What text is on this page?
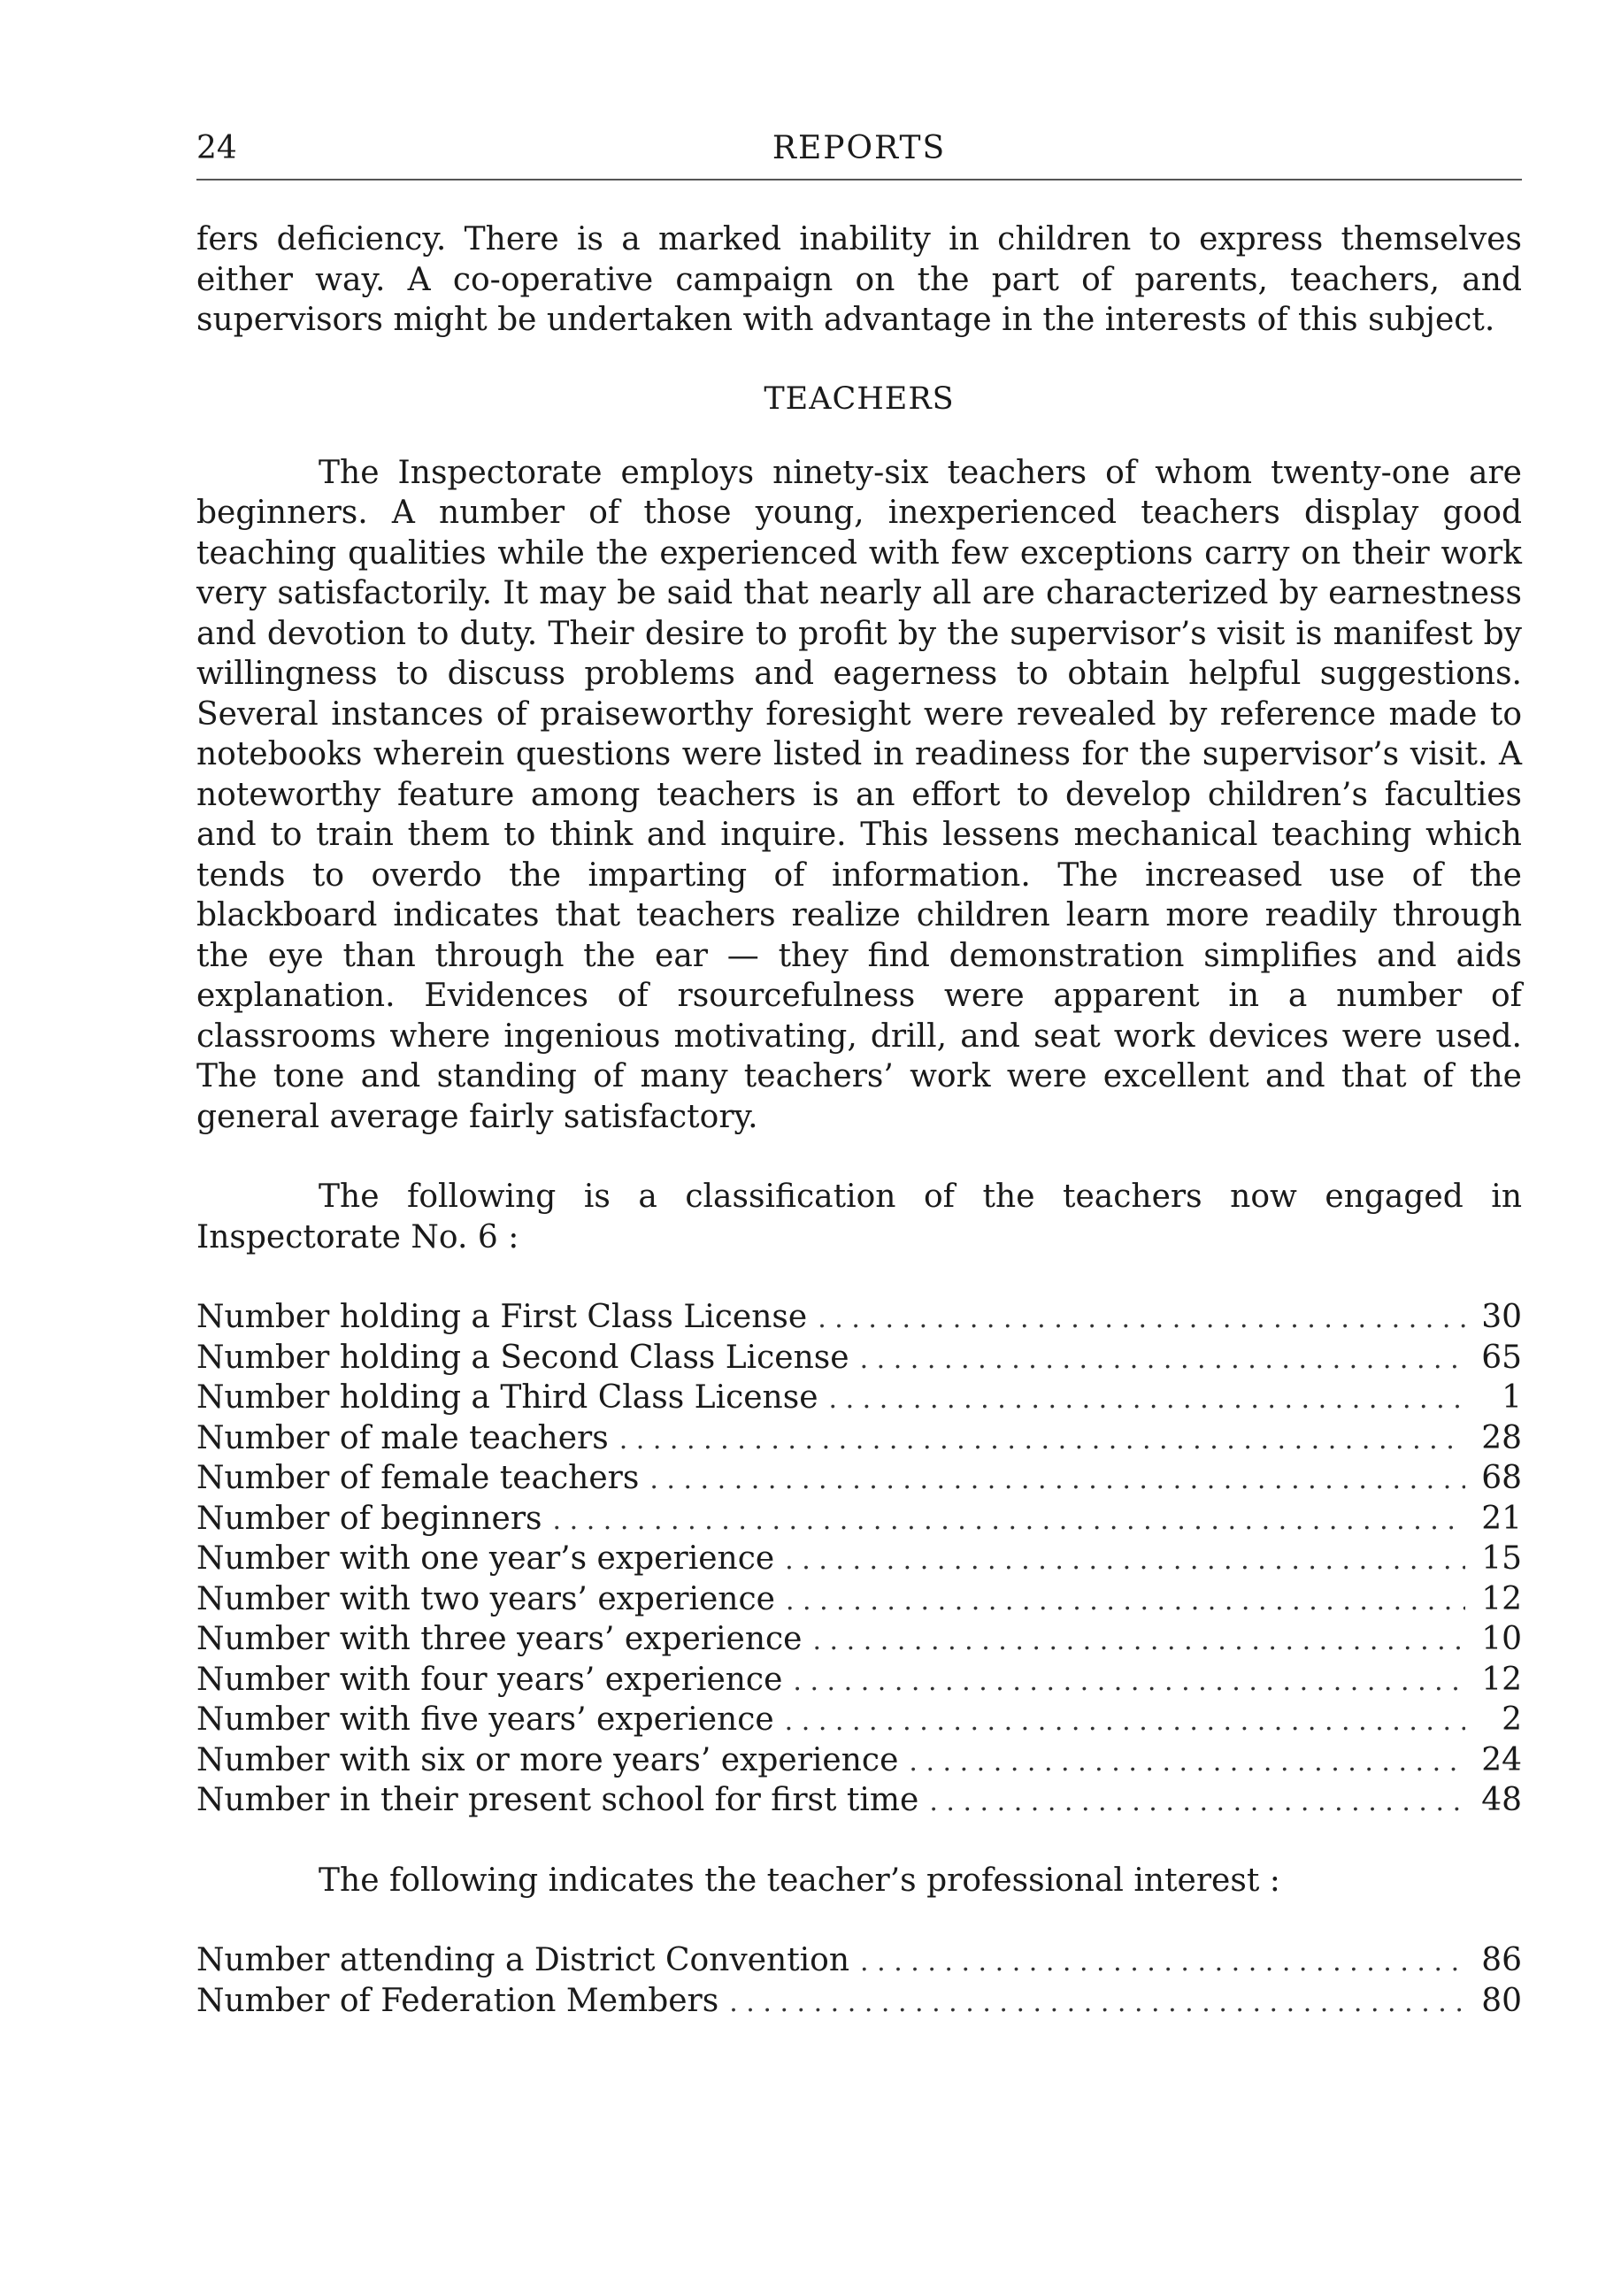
24	REPORTS

fers deficiency. There is a marked inability in children to express themselves either way. A co-operative campaign on the part of parents, teachers, and supervisors might be undertaken with advantage in the interests of this subject.

TEACHERS

The Inspectorate employs ninety-six teachers of whom twenty-one are beginners. A number of those young, inexperienced teachers display good teaching qualities while the experienced with few exceptions carry on their work very satisfactorily. It may be said that nearly all are characterized by earnestness and devotion to duty. Their desire to profit by the supervisor’s visit is manifest by willingness to discuss problems and eagerness to obtain helpful suggestions. Several instances of praiseworthy foresight were revealed by reference made to notebooks wherein questions were listed in readiness for the supervisor’s visit. A noteworthy feature among teachers is an effort to develop children’s faculties and to train them to think and inquire. This lessens mechanical teaching which tends to overdo the imparting of information. The increased use of the blackboard indicates that teachers realize children learn more readily through the eye than through the ear — they find demonstration simplifies and aids explanation. Evidences of rsourcefulness were apparent in a number of classrooms where ingenious motivating, drill, and seat work devices were used. The tone and standing of many teachers’ work were excellent and that of the general average fairly satisfactory.

The following is a classification of the teachers now engaged in Inspectorate No. 6 :

Number holding a First Class License . . .	30
Number holding a Second Class License . . .	65
Number holding a Third Class License . . .	1
Number of male teachers . . .	28
Number of female teachers . . .	68
Number of beginners . . .	21
Number with one year’s experience . . .	15
Number with two years’ experience . . .	12
Number with three years’ experience . . .	10
Number with four years’ experience . . .	12
Number with five years’ experience . . .	2
Number with six or more years’ experience . . .	24
Number in their present school for first time . . .	48

The following indicates the teacher’s professional interest :

Number attending a District Convention . . .	86
Number of Federation Members . . .	80
